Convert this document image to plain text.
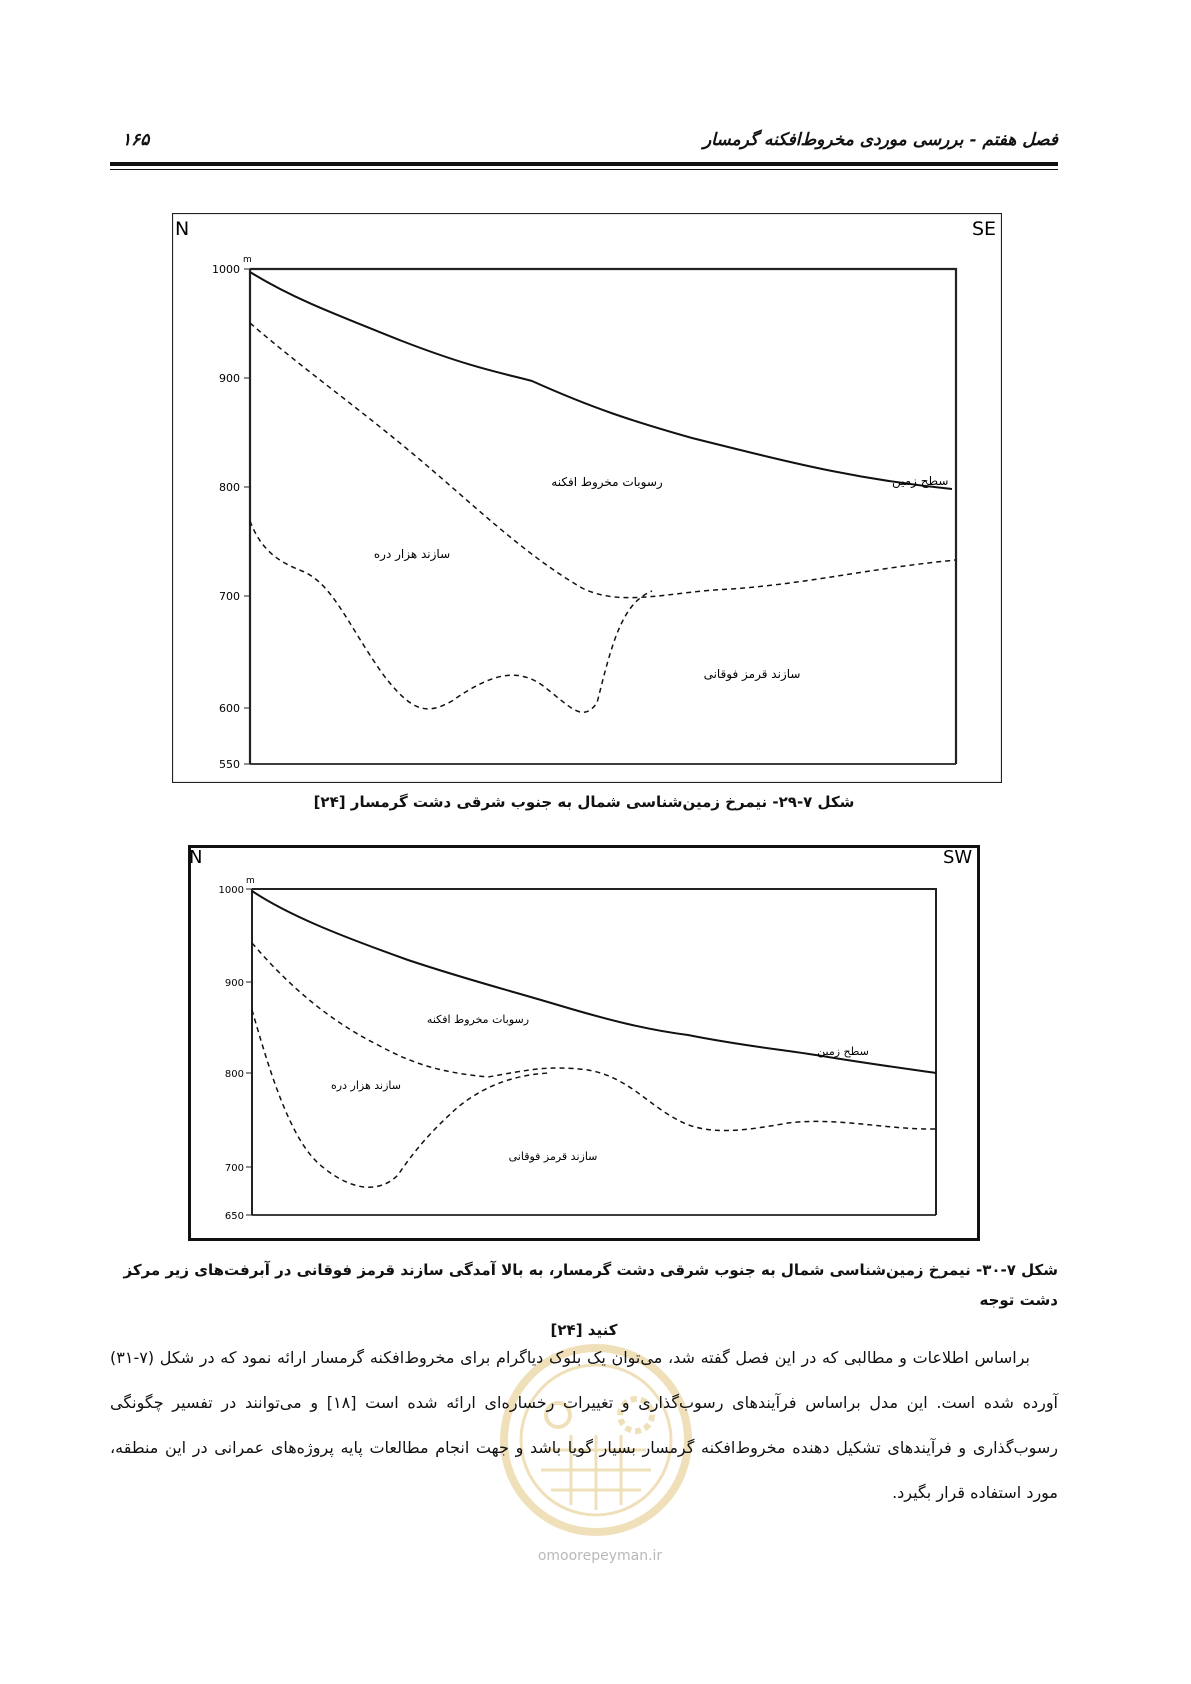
فصل هفتم - بررسی موردی مخروط‌افکنه گرمسار
۱۶۵
N	SE
m
1000
900
800
700
600
550
سطح زمین
رسوبات مخروط افکنه
سازند هزار دره
سازند قرمز فوقانی
شکل ۷-۲۹- نیمرخ زمین‌شناسی شمال به جنوب شرقی دشت گرمسار [۲۴]
N	SW
m
1000
900
800
700
650
سطح زمین
رسوبات مخروط افکنه
سازند هزار دره
سازند قرمز فوقانی
شکل ۷-۳۰- نیمرخ زمین‌شناسی شمال به جنوب شرقی دشت گرمسار، به بالا آمدگی سازند قرمز فوقانی در آبرفت‌های زیر مرکز دشت توجه
کنید [۲۴]

براساس اطلاعات و مطالبی که در این فصل گفته شد، می‌توان یک بلوک دیاگرام برای مخروط‌افکنه گرمسار ارائه نمود که در شکل (۷-۳۱) آورده شده است. این مدل براساس فرآیندهای رسوب‌گذاری و تغییرات رخساره‌ای ارائه شده است [۱۸] و می‌توانند در تفسیر چگونگی رسوب‌گذاری و فرآیندهای تشکیل دهنده مخروط‌افکنه گرمسار بسیار گویا باشد و جهت انجام مطالعات پایه پروژه‌های عمرانی در این منطقه، مورد استفاده قرار بگیرد.

omoorepeyman.ir
